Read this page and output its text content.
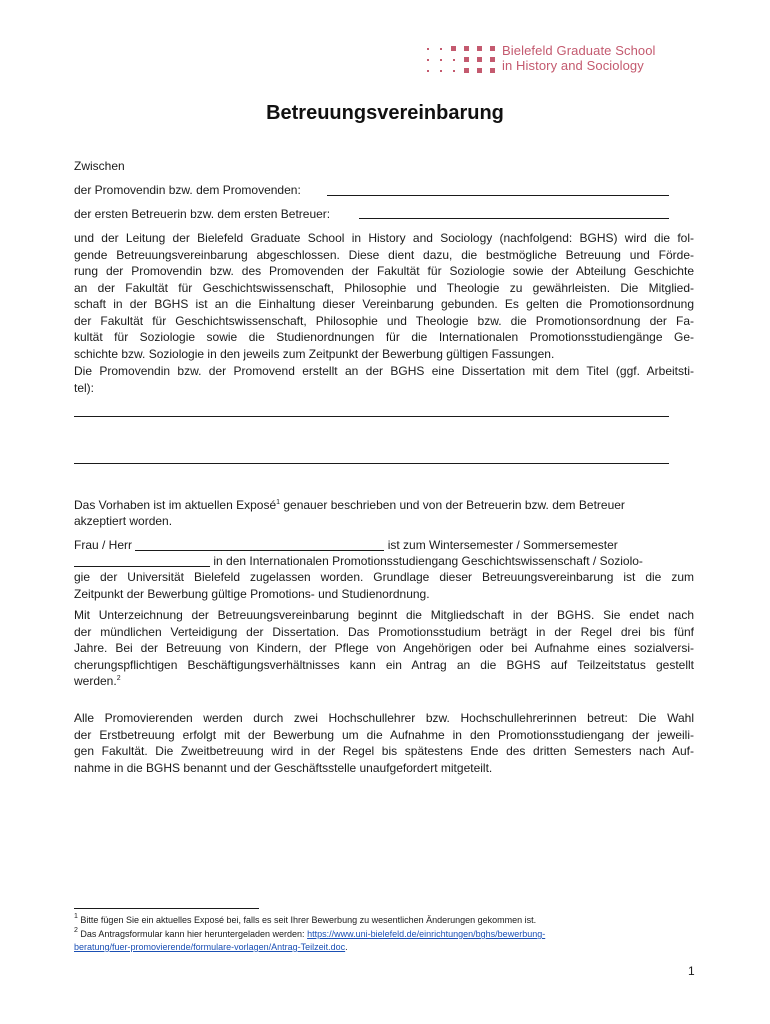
Bielefeld Graduate School
in History and Sociology
Betreuungsvereinbarung
Zwischen
der Promovendin bzw. dem Promovenden:
der ersten Betreuerin bzw. dem ersten Betreuer:
und der Leitung der Bielefeld Graduate School in History and Sociology (nachfolgend: BGHS) wird die fol-
gende Betreuungsvereinbarung abgeschlossen. Diese dient dazu, die bestmögliche Betreuung und Förde-
rung der Promovendin bzw. des Promovenden der Fakultät für Soziologie sowie der Abteilung Geschichte
an der Fakultät für Geschichtswissenschaft, Philosophie und Theologie zu gewährleisten. Die Mitglied-
schaft in der BGHS ist an die Einhaltung dieser Vereinbarung gebunden. Es gelten die Promotionsordnung
der Fakultät für Geschichtswissenschaft, Philosophie und Theologie bzw. die Promotionsordnung der Fa-
kultät für Soziologie sowie die Studienordnungen für die Internationalen Promotionsstudiengänge Ge-
schichte bzw. Soziologie in den jeweils zum Zeitpunkt der Bewerbung gültigen Fassungen.
Die Promovendin bzw. der Promovend erstellt an der BGHS eine Dissertation mit dem Titel (ggf. Arbeitsti-
tel):
Das Vorhaben ist im aktuellen Exposé$^1$ genauer beschrieben und von der Betreuerin bzw. dem Betreuer
akzeptiert worden.
Frau / Herr	ist zum Wintersemester / Sommersemester
in den Internationalen Promotionsstudiengang Geschichtswissenschaft / Soziolo-
gie der Universität Bielefeld zugelassen worden. Grundlage dieser Betreuungsvereinbarung ist die zum
Zeitpunkt der Bewerbung gültige Promotions- und Studienordnung.
Mit Unterzeichnung der Betreuungsvereinbarung beginnt die Mitgliedschaft in der BGHS. Sie endet nach
der mündlichen Verteidigung der Dissertation. Das Promotionsstudium beträgt in der Regel drei bis fünf
Jahre. Bei der Betreuung von Kindern, der Pflege von Angehörigen oder bei Aufnahme eines sozialversi-
cherungspflichtigen Beschäftigungsverhältnisses kann ein Antrag an die BGHS auf Teilzeitstatus gestellt
werden.$^2$
Alle Promovierenden werden durch zwei Hochschullehrer bzw. Hochschullehrerinnen betreut: Die Wahl
der Erstbetreuung erfolgt mit der Bewerbung um die Aufnahme in den Promotionsstudiengang der jeweili-
gen Fakultät. Die Zweitbetreuung wird in der Regel bis spätestens Ende des dritten Semesters nach Auf-
nahme in die BGHS benannt und der Geschäftsstelle unaufgefordert mitgeteilt.
$^1$ Bitte fügen Sie ein aktuelles Exposé bei, falls es seit Ihrer Bewerbung zu wesentlichen Änderungen gekommen ist.
$^2$ Das Antragsformular kann hier heruntergeladen werden: https://www.uni-bielefeld.de/einrichtungen/bghs/bewerbung-
beratung/fuer-promovierende/formulare-vorlagen/Antrag-Teilzeit.doc.
1
